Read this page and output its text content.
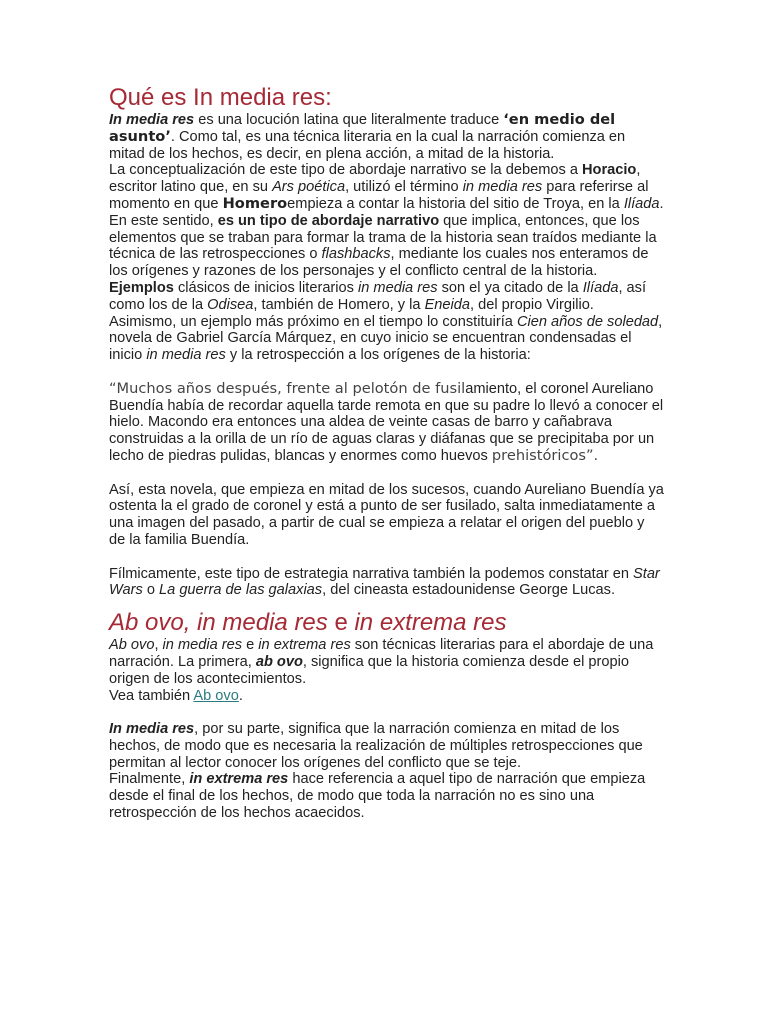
Qué es In media res:

In media res es una locución latina que literalmente traduce ‘en medio del asunto’. Como tal, es una técnica literaria en la cual la narración comienza en mitad de los hechos, es decir, en plena acción, a mitad de la historia.

La conceptualización de este tipo de abordaje narrativo se la debemos a Horacio, escritor latino que, en su Ars poética, utilizó el término in media res para referirse al momento en que Homeroempieza a contar la historia del sitio de Troya, en la Ilíada.

En este sentido, es un tipo de abordaje narrativo que implica, entonces, que los elementos que se traban para formar la trama de la historia sean traídos mediante la técnica de las retrospecciones o flashbacks, mediante los cuales nos enteramos de los orígenes y razones de los personajes y el conflicto central de la historia.

Ejemplos clásicos de inicios literarios in media res son el ya citado de la Ilíada, así como los de la Odisea, también de Homero, y la Eneida, del propio Virgilio. Asimismo, un ejemplo más próximo en el tiempo lo constituiría Cien años de soledad, novela de Gabriel García Márquez, en cuyo inicio se encuentran condensadas el inicio in media res y la retrospección a los orígenes de la historia:

“Muchos años después, frente al pelotón de fusilamiento, el coronel Aureliano Buendía había de recordar aquella tarde remota en que su padre lo llevó a conocer el hielo. Macondo era entonces una aldea de veinte casas de barro y cañabrava construidas a la orilla de un río de aguas claras y diáfanas que se precipitaba por un lecho de piedras pulidas, blancas y enormes como huevos prehistóricos”.

Así, esta novela, que empieza en mitad de los sucesos, cuando Aureliano Buendía ya ostenta la el grado de coronel y está a punto de ser fusilado, salta inmediatamente a una imagen del pasado, a partir de cual se empieza a relatar el origen del pueblo y de la familia Buendía.

Fílmicamente, este tipo de estrategia narrativa también la podemos constatar en Star Wars o La guerra de las galaxias, del cineasta estadounidense George Lucas.

Ab ovo, in media res e in extrema res

Ab ovo, in media res e in extrema res son técnicas literarias para el abordaje de una narración. La primera, ab ovo, significa que la historia comienza desde el propio origen de los acontecimientos.

Vea también Ab ovo.

In media res, por su parte, significa que la narración comienza en mitad de los hechos, de modo que es necesaria la realización de múltiples retrospecciones que permitan al lector conocer los orígenes del conflicto que se teje.

Finalmente, in extrema res hace referencia a aquel tipo de narración que empieza desde el final de los hechos, de modo que toda la narración no es sino una retrospección de los hechos acaecidos.
